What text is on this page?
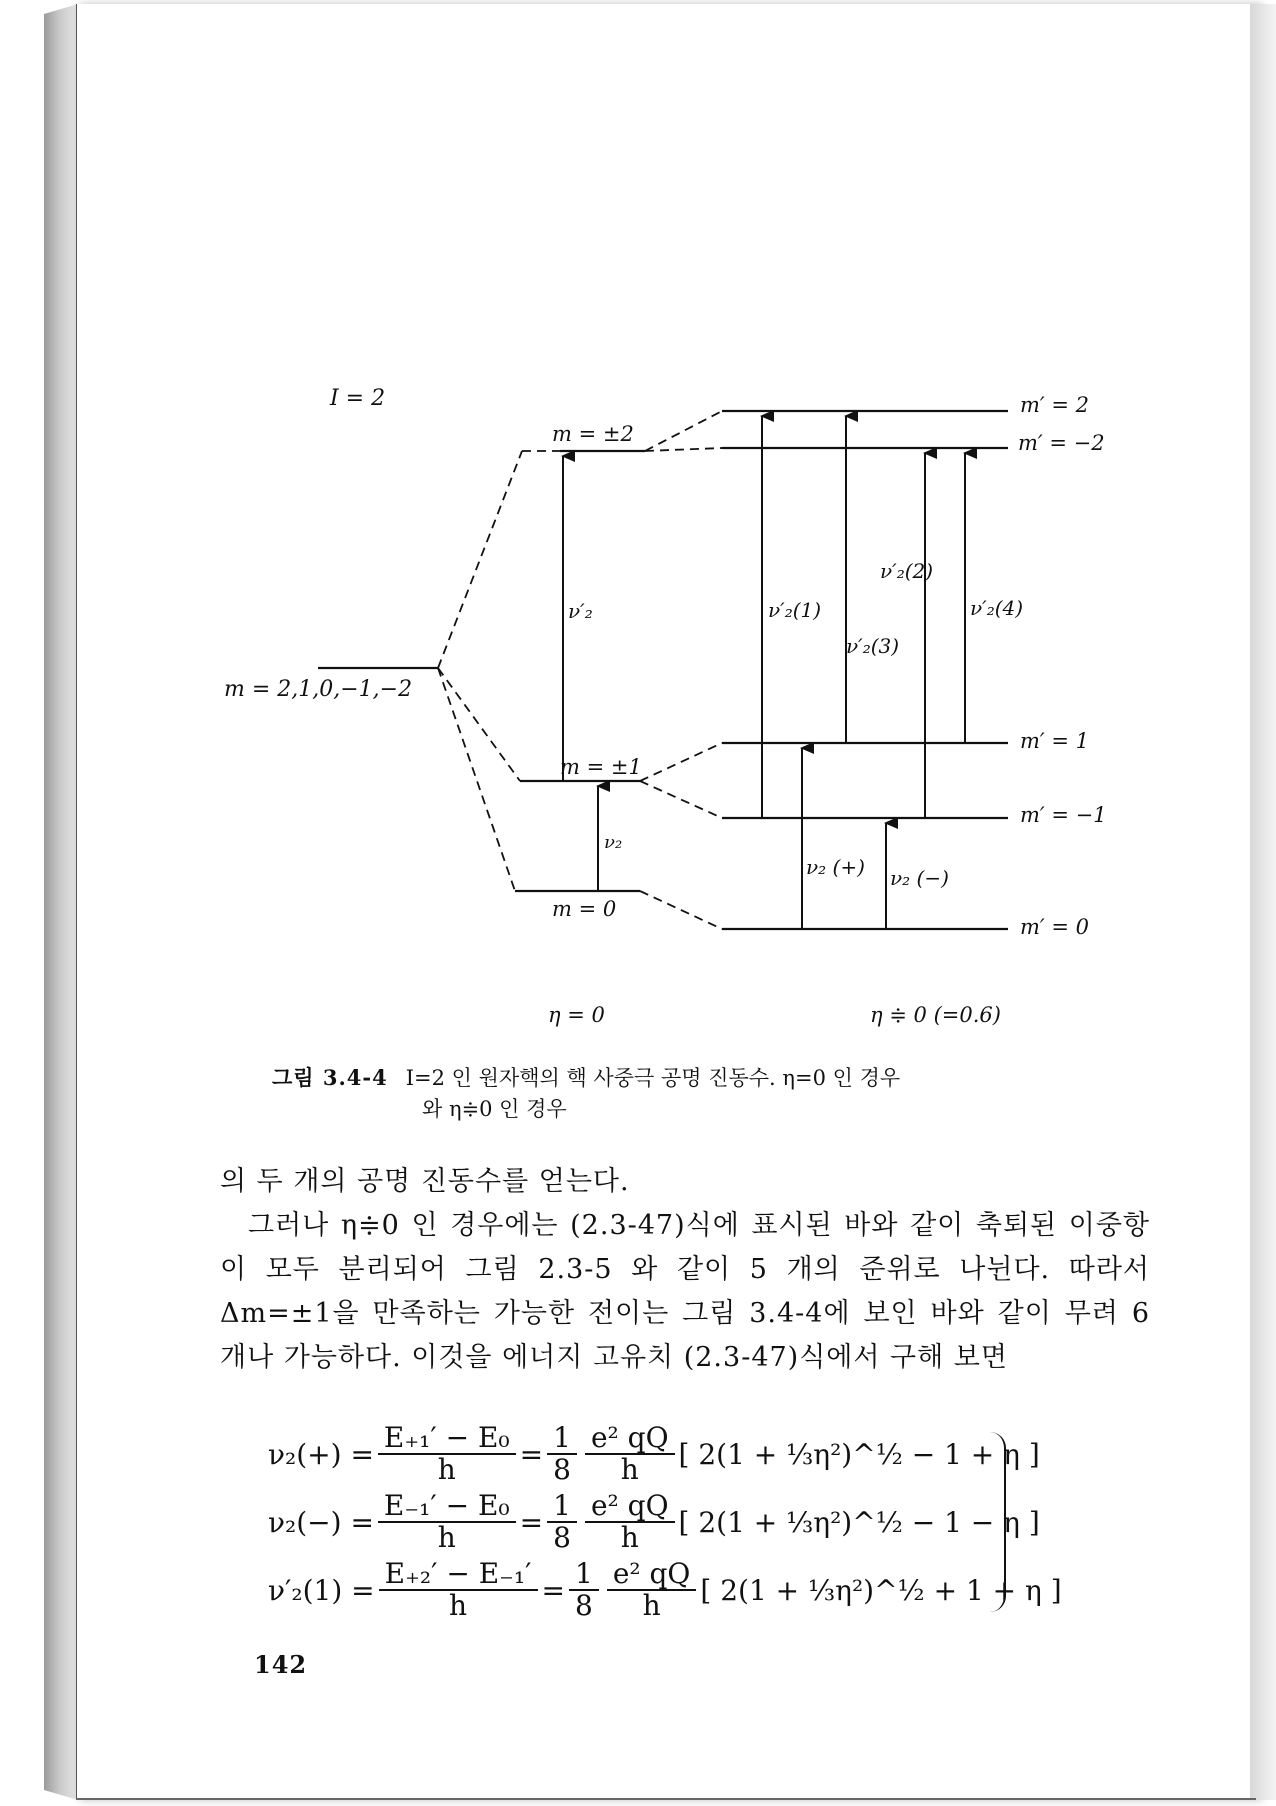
I = 2
m = 2,1,0,−1,−2
m = ±2
m = ±1
m = 0
m′ = 2
m′ = −2
m′ = 1
m′ = −1
m′ = 0
ν′₂
ν₂
ν′₂(1)
ν′₂(2)
ν′₂(3)
ν′₂(4)
ν₂ (+) ν₂ (−)
η = 0	η ≑ 0 (=0.6)
그림 3.4-4 I=2 인 원자핵의 핵 사중극 공명 진동수. η=0 인 경우
와 η≑0 인 경우

의 두 개의 공명 진동수를 얻는다.

그러나 η≑0 인 경우에는 (2.3-47)식에 표시된 바와 같이 축퇴된 이중항이 모두 분리되어 그림 2.3-5 와 같이 5 개의 준위로 나뉜다. 따라서 Δm=±1을 만족하는 가능한 전이는 그림 3.4-4에 보인 바와 같이 무려 6 개나 가능하다. 이것을 에너지 고유치 (2.3-47)식에서 구해 보면

$\nu_2(+) = \frac{\text{E₊₁′ − E₀}}{h} = \frac{1}{8} \frac{\text{e² qQ}}{h}$ [ 2(1 + ⅓η²)^½ − 1 + η ]
$\nu_2(-) = \frac{\text{E₋₁′ − E₀}}{h} = \frac{1}{8} \frac{\text{e² qQ}}{h}$ [ 2(1 + ⅓η²)^½ − 1 − η ]
$\nu'_2(1) = \frac{\text{E₊₂′ − E₋₁′}}{h} = \frac{1}{8} \frac{\text{e² qQ}}{h}$ [ 2(1 + ⅓η²)^½ + 1 + η ]
142
